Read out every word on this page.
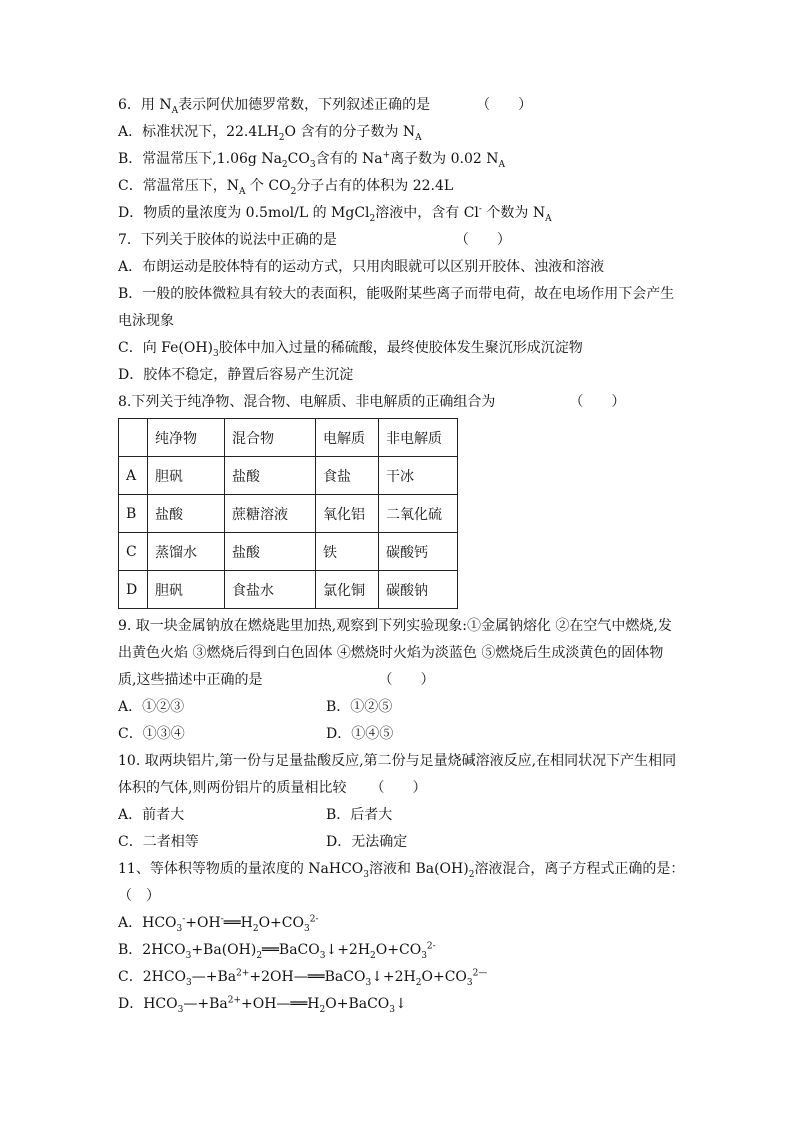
6．用 $N_A$表示阿伏加德罗常数，下列叙述正确的是	（　　）
A．标准状况下，$22.4LH_2O$ 含有的分子数为 $N_A$
B．常温常压下,1.06g $Na_2CO_3$含有的 Na+离子数为 0.02 $N_A$
C．常温常压下，$N_A$ 个 $CO_2$分子占有的体积为 22.4L
D．物质的量浓度为 0.5mol/L 的 MgCl$_2$溶液中，含有 Cl- 个数为 $N_A$
7．下列关于胶体的说法中正确的是	（　　）
A．布朗运动是胶体特有的运动方式，只用肉眼就可以区别开胶体、浊液和溶液
B．一般的胶体微粒具有较大的表面积，能吸附某些离子而带电荷，故在电场作用下会产生电泳现象
C．向 $Fe(OH)_3$胶体中加入过量的稀硫酸，最终使胶体发生聚沉形成沉淀物
D．胶体不稳定，静置后容易产生沉淀
8.下列关于纯净物、混合物、电解质、非电解质的正确组合为	（　　）
	纯净物	混合物	电解质	非电解质
A	胆矾	盐酸	食盐	干冰
B	盐酸	蔗糖溶液	氧化铝	二氧化硫
C	蒸馏水	盐酸	铁	碳酸钙
D	胆矾	食盐水	氯化铜	碳酸钠
9. 取一块金属钠放在燃烧匙里加热,观察到下列实验现象:①金属钠熔化 ②在空气中燃烧,发
出黄色火焰 ③燃烧后得到白色固体 ④燃烧时火焰为淡蓝色 ⑤燃烧后生成淡黄色的固体物
质,这些描述中正确的是	（　　）
A．①②③	B．①②⑤
C．①③④	D．①④⑤
10. 取两块铝片,第一份与足量盐酸反应,第二份与足量烧碱溶液反应,在相同状况下产生相同
体积的气体,则两份铝片的质量相比较 （　　）
A．前者大	B．后者大
C．二者相等	D．无法确定
11、等体积等物质的量浓度的 NaHCO$_3$溶液和 $Ba(OH)_2$溶液混合，离子方程式正确的是：
（　）
A．$HCO_3^-+OH^-══H_2O+CO_3^{2-}$
B．$2HCO_3+Ba(OH)_2══BaCO_3↓+2H_2O+CO_3^{2-}$
C．$2HCO_3—+Ba^{2+}+2OH—══BaCO_3↓+2H_2O+CO_3^{2—}$
D．$HCO_3—+Ba^{2+}+OH—══H_2O+BaCO_3↓$
